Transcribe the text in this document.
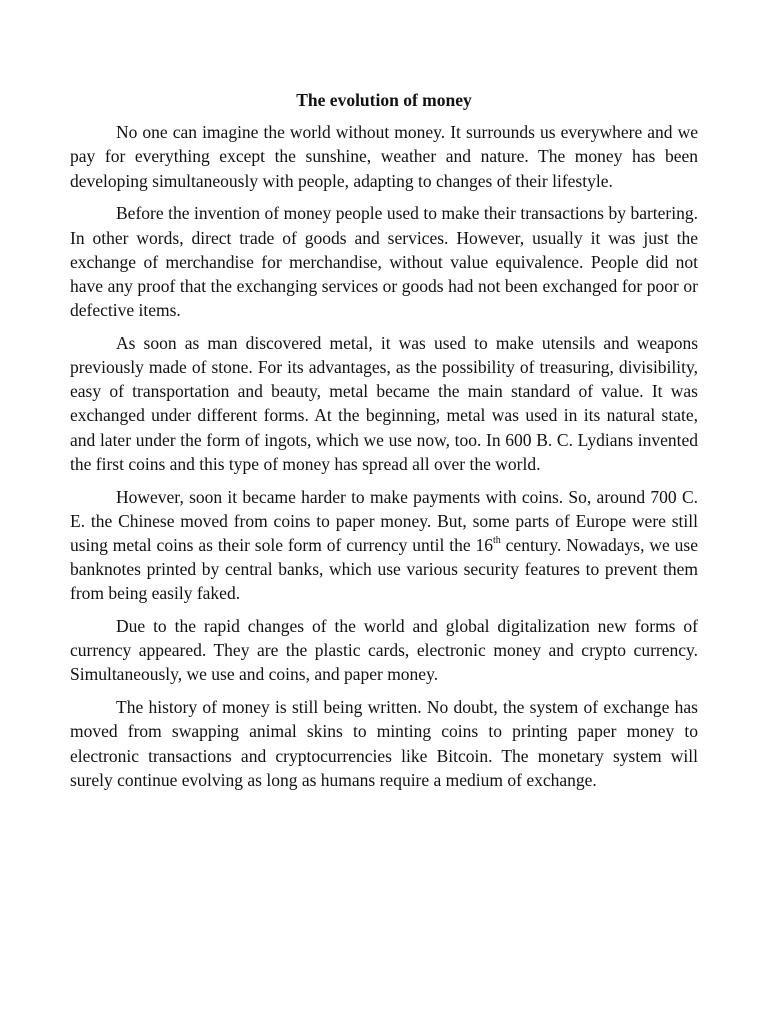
The evolution of money

No one can imagine the world without money. It surrounds us everywhere and we pay for everything except the sunshine, weather and nature. The money has been developing simultaneously with people, adapting to changes of their lifestyle.

Before the invention of money people used to make their transactions by bartering. In other words, direct trade of goods and services. However, usually it was just the exchange of merchandise for merchandise, without value equivalence. People did not have any proof that the exchanging services or goods had not been exchanged for poor or defective items.

As soon as man discovered metal, it was used to make utensils and weapons previously made of stone. For its advantages, as the possibility of treasuring, divisibility, easy of transportation and beauty, metal became the main standard of value. It was exchanged under different forms. At the beginning, metal was used in its natural state, and later under the form of ingots, which we use now, too. In 600 B. C. Lydians invented the first coins and this type of money has spread all over the world.

However, soon it became harder to make payments with coins. So, around 700 C. E. the Chinese moved from coins to paper money. But, some parts of Europe were still using metal coins as their sole form of currency until the 16th century. Nowadays, we use banknotes printed by central banks, which use various security features to prevent them from being easily faked.

Due to the rapid changes of the world and global digitalization new forms of currency appeared. They are the plastic cards, electronic money and crypto currency. Simultaneously, we use and coins, and paper money.

The history of money is still being written. No doubt, the system of exchange has moved from swapping animal skins to minting coins to printing paper money to electronic transactions and cryptocurrencies like Bitcoin. The monetary system will surely continue evolving as long as humans require a medium of exchange.
